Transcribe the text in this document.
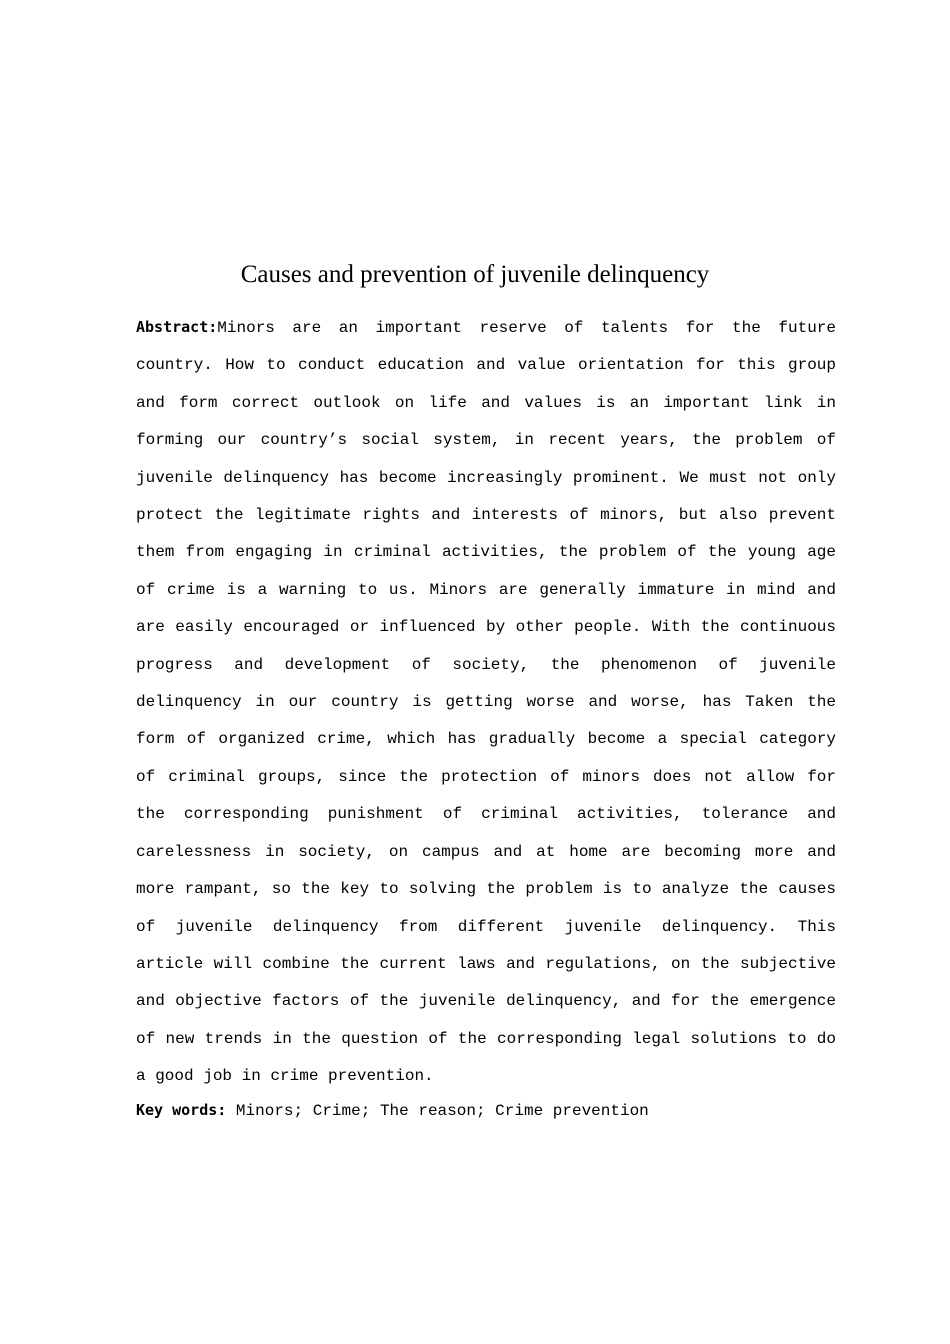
Causes and prevention of juvenile delinquency

Abstract:Minors are an important reserve of talents for the future country. How to conduct education and value orientation for this group and form correct outlook on life and values is an important link in forming our country’s social system, in recent years, the problem of juvenile delinquency has become increasingly prominent. We must not only protect the legitimate rights and interests of minors, but also prevent them from engaging in criminal activities, the problem of the young age of crime is a warning to us. Minors are generally immature in mind and are easily encouraged or influenced by other people. With the continuous progress and development of society, the phenomenon of juvenile delinquency in our country is getting worse and worse, has Taken the form of organized crime, which has gradually become a special category of criminal groups, since the protection of minors does not allow for the corresponding punishment of criminal activities, tolerance and carelessness in society, on campus and at home are becoming more and more rampant, so the key to solving the problem is to analyze the causes of juvenile delinquency from different juvenile delinquency. This article will combine the current laws and regulations, on the subjective and objective factors of the juvenile delinquency, and for the emergence of new trends in the question of the corresponding legal solutions to do a good job in crime prevention.

Key words: Minors; Crime; The reason; Crime prevention
